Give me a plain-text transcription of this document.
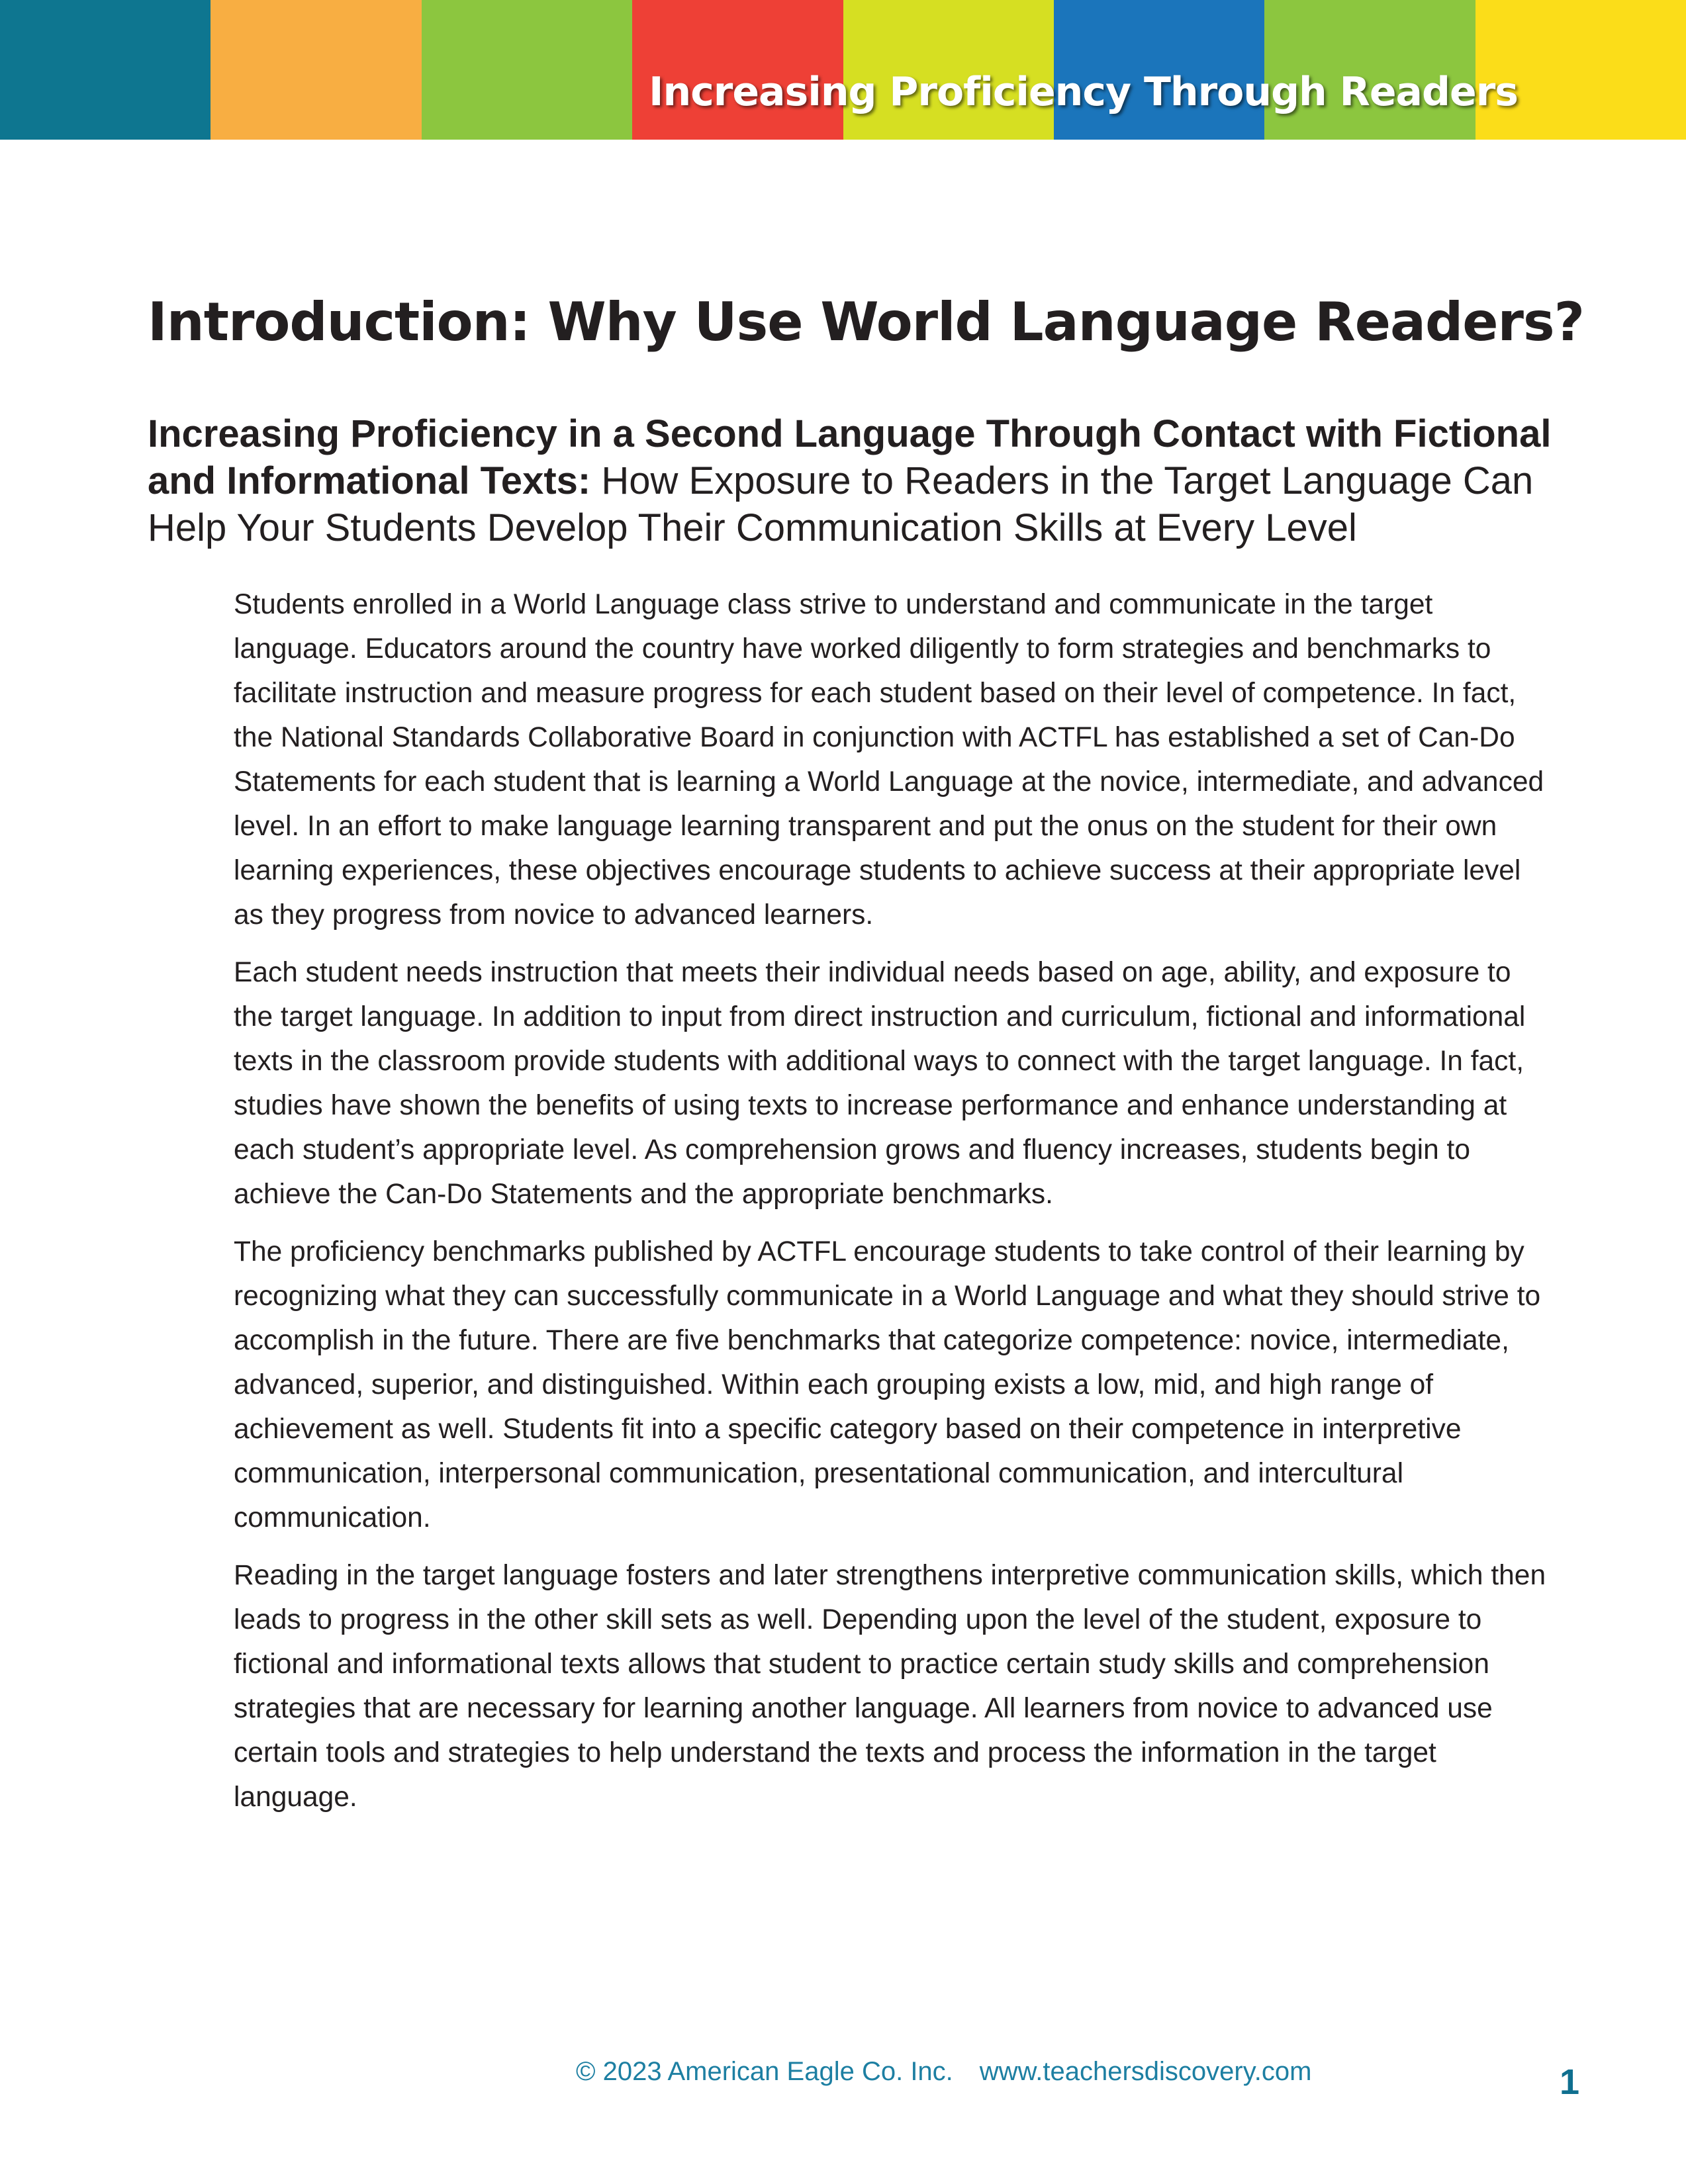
Increasing Proficiency Through Readers
Introduction: Why Use World Language Readers?

Increasing Proficiency in a Second Language Through Contact with Fictional and Informational Texts: How Exposure to Readers in the Target Language Can Help Your Students Develop Their Communication Skills at Every Level

Students enrolled in a World Language class strive to understand and communicate in the target language. Educators around the country have worked diligently to form strategies and benchmarks to facilitate instruction and measure progress for each student based on their level of competence. In fact, the National Standards Collaborative Board in conjunction with ACTFL has established a set of Can-Do Statements for each student that is learning a World Language at the novice, intermediate, and advanced level. In an effort to make language learning transparent and put the onus on the student for their own learning experiences, these objectives encourage students to achieve success at their appropriate level as they progress from novice to advanced learners.

Each student needs instruction that meets their individual needs based on age, ability, and exposure to the target language. In addition to input from direct instruction and curriculum, fictional and informational texts in the classroom provide students with additional ways to connect with the target language. In fact, studies have shown the benefits of using texts to increase performance and enhance understanding at each student’s appropriate level. As comprehension grows and fluency increases, students begin to achieve the Can-Do Statements and the appropriate benchmarks.

The proficiency benchmarks published by ACTFL encourage students to take control of their learning by recognizing what they can successfully communicate in a World Language and what they should strive to accomplish in the future. There are five benchmarks that categorize competence: novice, intermediate, advanced, superior, and distinguished. Within each grouping exists a low, mid, and high range of achievement as well. Students fit into a specific category based on their competence in interpretive communication, interpersonal communication, presentational communication, and intercultural communication.

Reading in the target language fosters and later strengthens interpretive communication skills, which then leads to progress in the other skill sets as well. Depending upon the level of the student, exposure to fictional and informational texts allows that student to practice certain study skills and comprehension strategies that are necessary for learning another language. All learners from novice to advanced use certain tools and strategies to help understand the texts and process the information in the target language.

© 2023 American Eagle Co. Inc. www.teachersdiscovery.com	1
